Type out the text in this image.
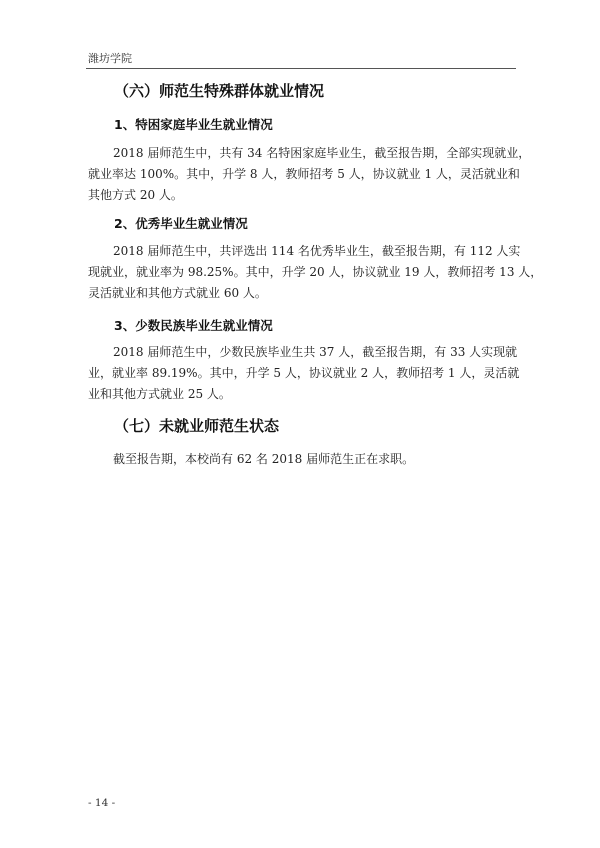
潍坊学院
（六）师范生特殊群体就业情况
1、特困家庭毕业生就业情况
2018 届师范生中，共有 34 名特困家庭毕业生，截至报告期，全部实现就业，
就业率达 100%。其中，升学 8 人，教师招考 5 人，协议就业 1 人，灵活就业和
其他方式 20 人。
2、优秀毕业生就业情况
2018 届师范生中，共评选出 114 名优秀毕业生，截至报告期，有 112 人实
现就业，就业率为 98.25%。其中，升学 20 人，协议就业 19 人，教师招考 13 人，
灵活就业和其他方式就业 60 人。
3、少数民族毕业生就业情况
2018 届师范生中，少数民族毕业生共 37 人，截至报告期，有 33 人实现就
业，就业率 89.19%。其中，升学 5 人，协议就业 2 人，教师招考 1 人，灵活就
业和其他方式就业 25 人。
（七）未就业师范生状态
截至报告期，本校尚有 62 名 2018 届师范生正在求职。
- 14 -
